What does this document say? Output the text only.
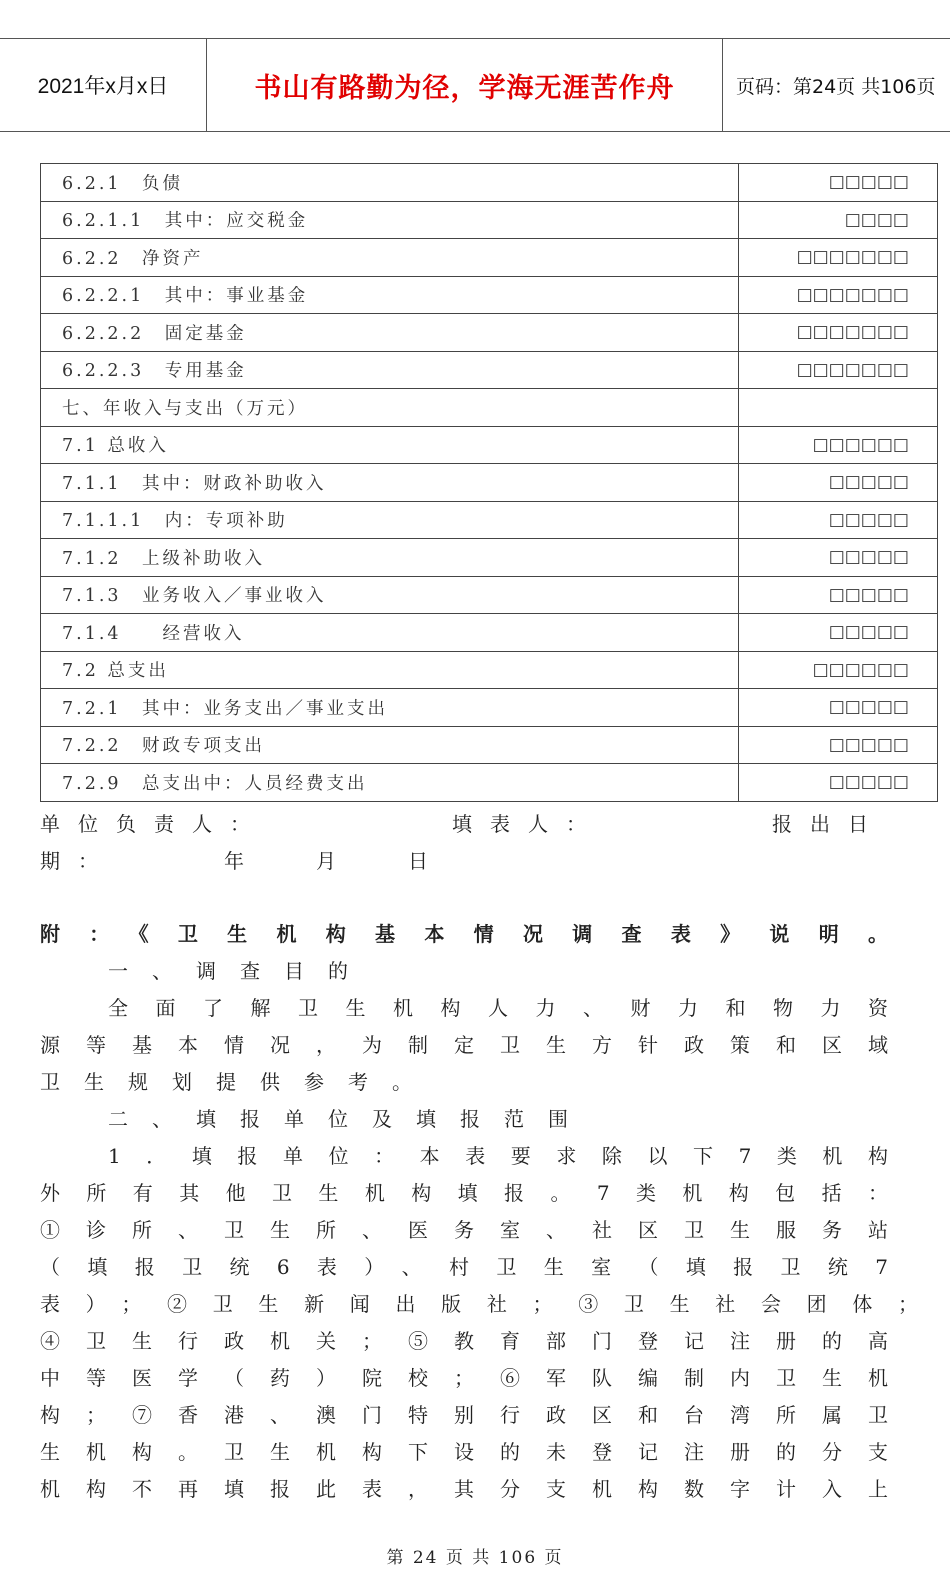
2021年x月x日	书山有路勤为径，学海无涯苦作舟	页码：第24页 共106页
6.2.1　负债	□□□□□
6.2.1.1　其中：应交税金	□□□□
6.2.2　净资产	□□□□□□□
6.2.2.1　其中：事业基金	□□□□□□□
6.2.2.2　固定基金	□□□□□□□
6.2.2.3　专用基金	□□□□□□□
七、年收入与支出（万元）	
7.1 总收入	□□□□□□
7.1.1　其中：财政补助收入	□□□□□
7.1.1.1　内：专项补助	□□□□□
7.1.2　上级补助收入	□□□□□
7.1.3　业务收入／事业收入	□□□□□
7.1.4　　经营收入	□□□□□
7.2 总支出	□□□□□□
7.2.1　其中：业务支出／事业支出	□□□□□
7.2.2　财政专项支出	□□□□□
7.2.9　总支出中：人员经费支出	□□□□□
单位负责人：	填表人：	报出日
期：	年	月	日
附：《卫生机构基本情况调查表》说明。
一、调查目的
全面了解卫生机构人力、财力和物力资
源等基本情况，为制定卫生方针政策和区域
卫生规划提供参考。
二、填报单位及填报范围
1．填报单位：本表要求除以下7类机构
外所有其他卫生机构填报。7类机构包括：
①诊所、卫生所、医务室、社区卫生服务站
（填报卫统6表）、村卫生室（填报卫统7
表）；②卫生新闻出版社；③卫生社会团体；
④卫生行政机关；⑤教育部门登记注册的高
中等医学（药）院校；⑥军队编制内卫生机
构；⑦香港、澳门特别行政区和台湾所属卫
生机构。卫生机构下设的未登记注册的分支
机构不再填报此表，其分支机构数字计入上
第 24 页 共 106 页
